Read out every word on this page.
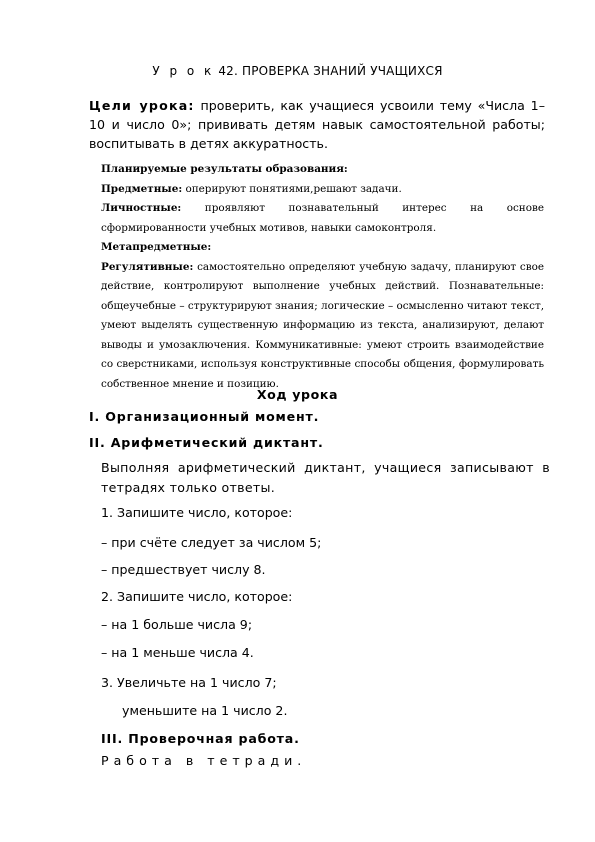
У р о к 42. ПРОВЕРКА ЗНАНИЙ УЧАЩИХСЯ
Цели урока: проверить, как учащиеся усвоили тему «Числа 1–10 и число 0»; прививать детям навык самостоятельной работы; воспитывать в детях аккуратность.

Планируемые результаты образования:

Предметные: оперируют понятиями,решают задачи.

Личностные: проявляют познавательный интерес на основе сформированности учебных мотивов, навыки самоконтроля.

Метапредметные:

Регулятивные: самостоятельно определяют учебную задачу, планируют свое действие, контролируют выполнение учебных действий. Познавательные: общеучебные – структурируют знания; логические – осмысленно читают текст, умеют выделять существенную информацию из текста, анализируют, делают выводы и умозаключения. Коммуникативные: умеют строить взаимодействие со сверстниками, используя конструктивные способы общения, формулировать собственное мнение и позицию.

Ход урока
I. Организационный момент.
II. Арифметический диктант.
Выполняя арифметический диктант, учащиеся записывают в тетрадях только ответы.
1. Запишите число, которое:
– при счёте следует за числом 5;
– предшествует числу 8.
2. Запишите число, которое:
– на 1 больше числа 9;
– на 1 меньше числа 4.
3. Увеличьте на 1 число 7;
уменьшите на 1 число 2.
III. Проверочная работа.
Работа в тетради.
